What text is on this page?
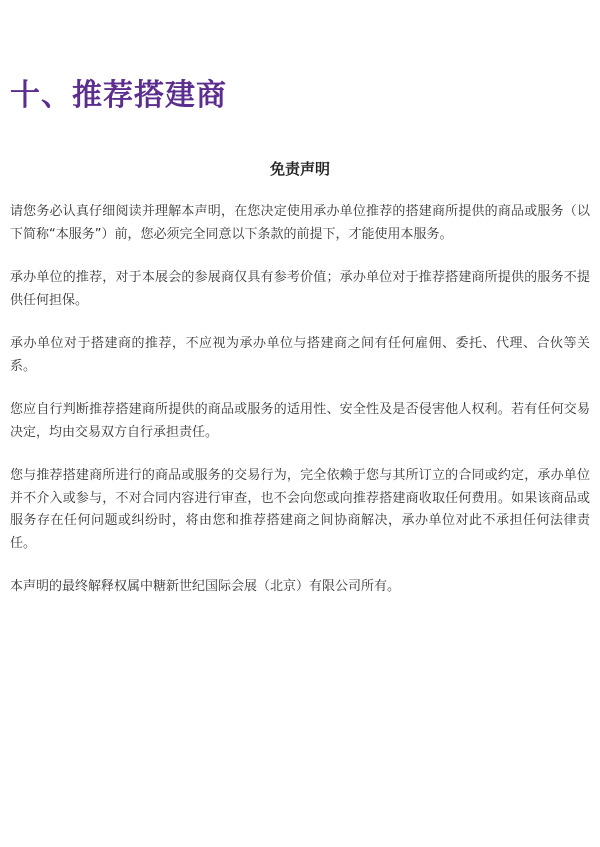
十、推荐搭建商
免责声明

请您务必认真仔细阅读并理解本声明，在您决定使用承办单位推荐的搭建商所提供的商品或服务（以下简称“本服务”）前，您必须完全同意以下条款的前提下，才能使用本服务。

承办单位的推荐，对于本展会的参展商仅具有参考价值；承办单位对于推荐搭建商所提供的服务不提供任何担保。

承办单位对于搭建商的推荐，不应视为承办单位与搭建商之间有任何雇佣、委托、代理、合伙等关系。

您应自行判断推荐搭建商所提供的商品或服务的适用性、安全性及是否侵害他人权利。若有任何交易决定，均由交易双方自行承担责任。

您与推荐搭建商所进行的商品或服务的交易行为，完全依赖于您与其所订立的合同或约定，承办单位并不介入或参与，不对合同内容进行审查，也不会向您或向推荐搭建商收取任何费用。如果该商品或服务存在任何问题或纠纷时，将由您和推荐搭建商之间协商解决，承办单位对此不承担任何法律责任。

本声明的最终解释权属中糖新世纪国际会展（北京）有限公司所有。
